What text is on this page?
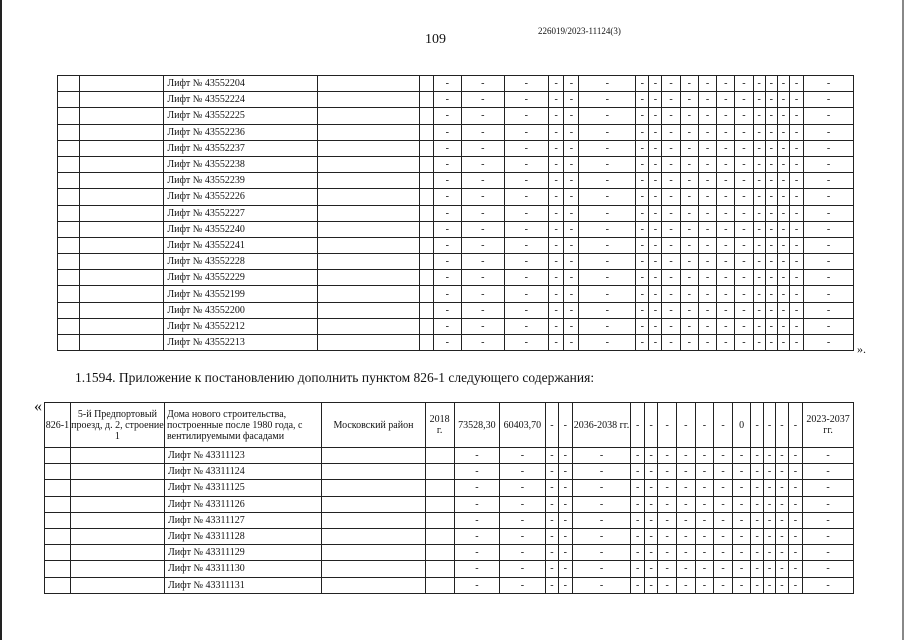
109
226019/2023-11124(3)
		Лифт № 43552204			-	-	-	-	-	-	-	-	-	-	-	-	-	-	-	-	-	-
		Лифт № 43552224			-	-	-	-	-	-	-	-	-	-	-	-	-	-	-	-	-	-
		Лифт № 43552225			-	-	-	-	-	-	-	-	-	-	-	-	-	-	-	-	-	-
		Лифт № 43552236			-	-	-	-	-	-	-	-	-	-	-	-	-	-	-	-	-	-
		Лифт № 43552237			-	-	-	-	-	-	-	-	-	-	-	-	-	-	-	-	-	-
		Лифт № 43552238			-	-	-	-	-	-	-	-	-	-	-	-	-	-	-	-	-	-
		Лифт № 43552239			-	-	-	-	-	-	-	-	-	-	-	-	-	-	-	-	-	-
		Лифт № 43552226			-	-	-	-	-	-	-	-	-	-	-	-	-	-	-	-	-	-
		Лифт № 43552227			-	-	-	-	-	-	-	-	-	-	-	-	-	-	-	-	-	-
		Лифт № 43552240			-	-	-	-	-	-	-	-	-	-	-	-	-	-	-	-	-	-
		Лифт № 43552241			-	-	-	-	-	-	-	-	-	-	-	-	-	-	-	-	-	-
		Лифт № 43552228			-	-	-	-	-	-	-	-	-	-	-	-	-	-	-	-	-	-
		Лифт № 43552229			-	-	-	-	-	-	-	-	-	-	-	-	-	-	-	-	-	-
		Лифт № 43552199			-	-	-	-	-	-	-	-	-	-	-	-	-	-	-	-	-	-
		Лифт № 43552200			-	-	-	-	-	-	-	-	-	-	-	-	-	-	-	-	-	-
		Лифт № 43552212			-	-	-	-	-	-	-	-	-	-	-	-	-	-	-	-	-	-
		Лифт № 43552213			-	-	-	-	-	-	-	-	-	-	-	-	-	-	-	-	-	- ».
1.1594. Приложение к постановлению дополнить пунктом 826-1 следующего содержания:
«
826-1	5-й Предпортовый проезд, д. 2, строение 1	Дома нового строительства, построенные после 1980 года, с вентилируемыми фасадами	Московский район	2018 г.	73528,30	60403,70	-	-	2036-2038 гг.	-	-	-	-	-	-	0	-	-	-	-	2023-2037 гг.
		Лифт № 43311123			-	-	-	-	-	-	-	-	-	-	-	-	-	-	-	-	-
		Лифт № 43311124			-	-	-	-	-	-	-	-	-	-	-	-	-	-	-	-	-
		Лифт № 43311125			-	-	-	-	-	-	-	-	-	-	-	-	-	-	-	-	-
		Лифт № 43311126			-	-	-	-	-	-	-	-	-	-	-	-	-	-	-	-	-
		Лифт № 43311127			-	-	-	-	-	-	-	-	-	-	-	-	-	-	-	-	-
		Лифт № 43311128			-	-	-	-	-	-	-	-	-	-	-	-	-	-	-	-	-
		Лифт № 43311129			-	-	-	-	-	-	-	-	-	-	-	-	-	-	-	-	-
		Лифт № 43311130			-	-	-	-	-	-	-	-	-	-	-	-	-	-	-	-	-
		Лифт № 43311131			-	-	-	-	-	-	-	-	-	-	-	-	-	-	-	-	-
